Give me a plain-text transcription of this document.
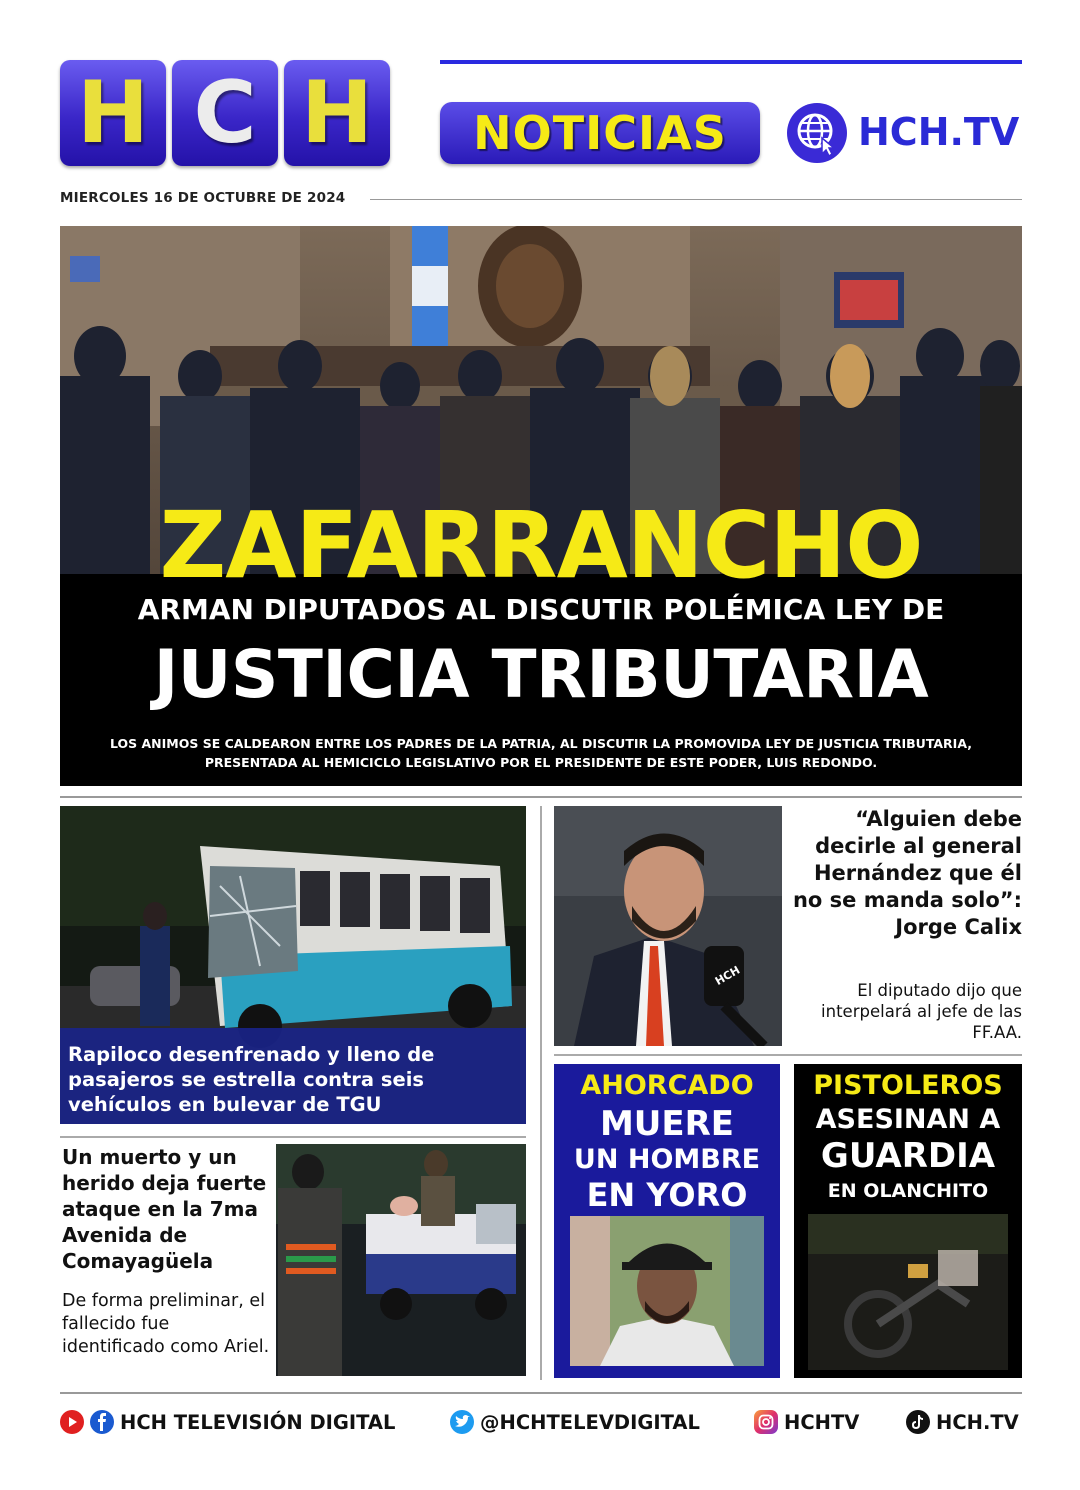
H C H NOTICIAS	HCH.TV
MIERCOLES 16 DE OCTUBRE DE 2024
ZAFARRANCHO
ARMAN DIPUTADOS AL DISCUTIR POLÉMICA LEY DE
JUSTICIA TRIBUTARIA
LOS ANIMOS SE CALDEARON ENTRE LOS PADRES DE LA PATRIA, AL DISCUTIR LA PROMOVIDA LEY DE JUSTICIA TRIBUTARIA, PRESENTADA AL HEMICICLO LEGISLATIVO POR EL PRESIDENTE DE ESTE PODER, LUIS REDONDO.
Rapiloco desenfrenado y lleno de pasajeros se estrella contra seis vehículos en bulevar de TGU
Un muerto y un herido deja fuerte ataque en la 7ma Avenida de Comayagüela
De forma preliminar, el fallecido fue identificado como Ariel.
HCH
“Alguien debe decirle al general Hernández que él no se manda solo”:
Jorge Calix
El diputado dijo que interpelará al jefe de las FF.AA.
AHORCADO
MUERE
UN HOMBRE
EN YORO
PISTOLEROS
ASESINAN A
GUARDIA
EN OLANCHITO
HCH TELEVISIÓN DIGITAL	@HCHTELEVDIGITAL	HCHTV	HCH.TV
